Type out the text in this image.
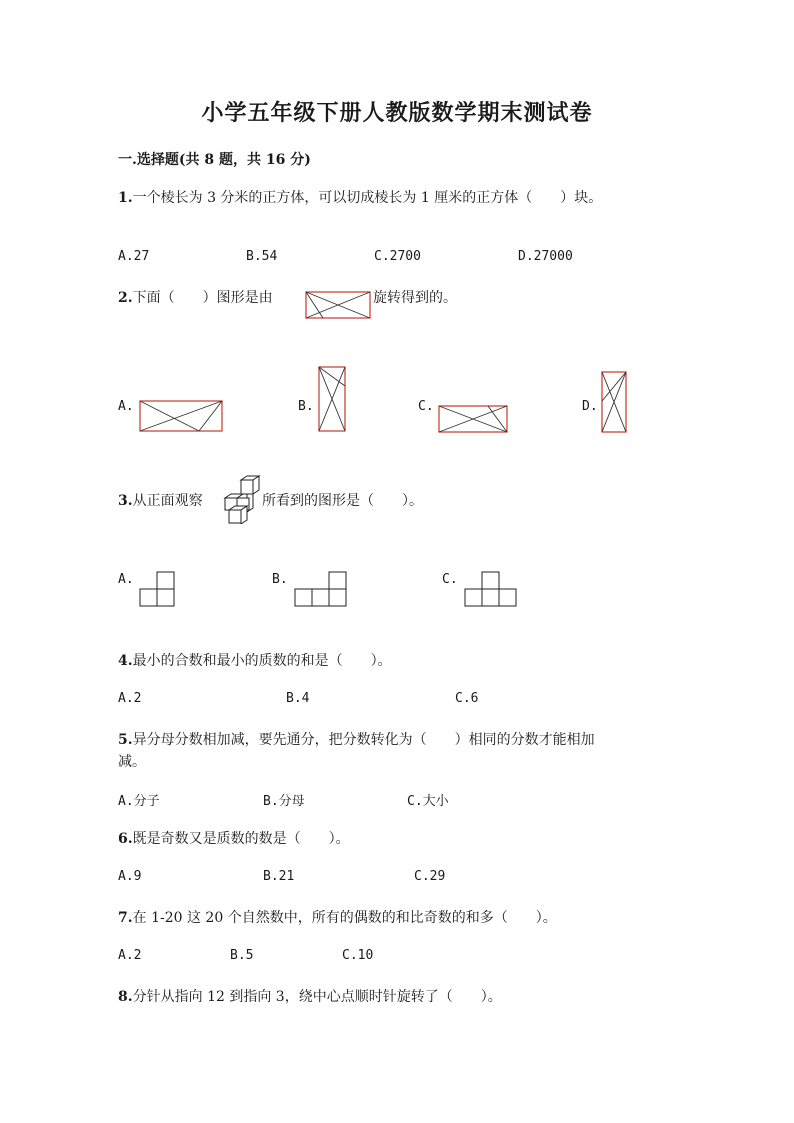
小学五年级下册人教版数学期末测试卷
一.选择题(共 8 题，共 16 分)
1.一个棱长为 3 分米的正方体，可以切成棱长为 1 厘米的正方体（　　）块。
A.27	B.54	C.2700	D.27000
2.下面（　　）图形是由	旋转得到的。
A.	B.	C.	D.
3.从正面观察	所看到的图形是（　　）。
A.	B.	C.
4.最小的合数和最小的质数的和是（　　）。
A.2	B.4	C.6
5.异分母分数相加减，要先通分，把分数转化为（　　）相同的分数才能相加
减。
A.分子	B.分母	C.大小
6.既是奇数又是质数的数是（　　）。
A.9	B.21	C.29
7.在 1-20 这 20 个自然数中，所有的偶数的和比奇数的和多（　　）。
A.2	B.5	C.10
8.分针从指向 12 到指向 3，绕中心点顺时针旋转了（　　）。
